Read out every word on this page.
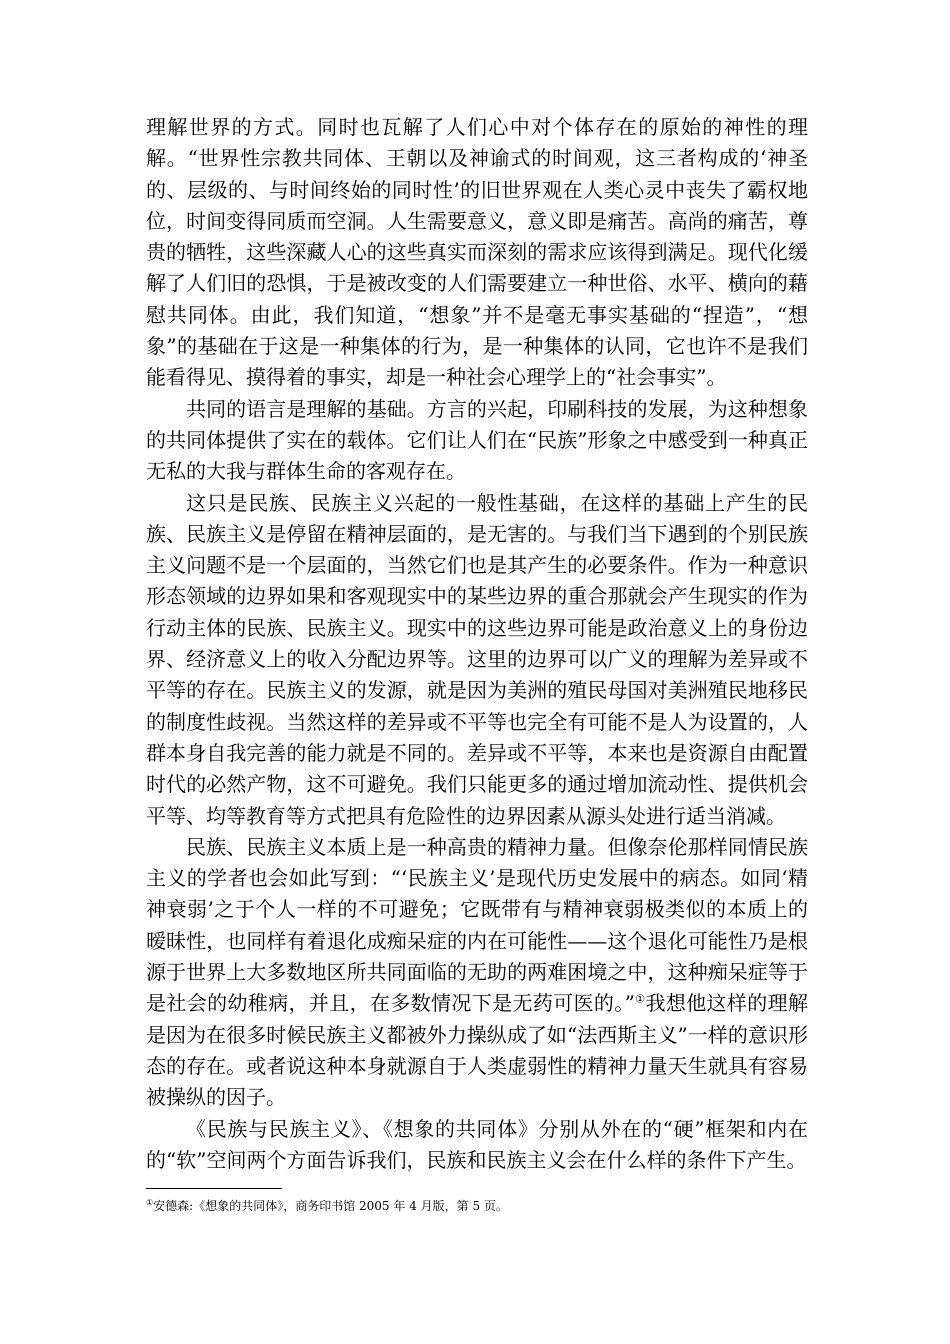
理解世界的方式。同时也瓦解了人们心中对个体存在的原始的神性的理解。“世界性宗教共同体、王朝以及神谕式的时间观，这三者构成的‘神圣的、层级的、与时间终始的同时性’的旧世界观在人类心灵中丧失了霸权地位，时间变得同质而空洞。人生需要意义，意义即是痛苦。高尚的痛苦，尊贵的牺牲，这些深藏人心的这些真实而深刻的需求应该得到满足。现代化缓解了人们旧的恐惧，于是被改变的人们需要建立一种世俗、水平、横向的藉慰共同体。由此，我们知道，“想象”并不是毫无事实基础的“捏造”，“想象”的基础在于这是一种集体的行为，是一种集体的认同，它也许不是我们能看得见、摸得着的事实，却是一种社会心理学上的“社会事实”。

共同的语言是理解的基础。方言的兴起，印刷科技的发展，为这种想象的共同体提供了实在的载体。它们让人们在“民族”形象之中感受到一种真正无私的大我与群体生命的客观存在。

这只是民族、民族主义兴起的一般性基础，在这样的基础上产生的民族、民族主义是停留在精神层面的，是无害的。与我们当下遇到的个别民族主义问题不是一个层面的，当然它们也是其产生的必要条件。作为一种意识形态领域的边界如果和客观现实中的某些边界的重合那就会产生现实的作为行动主体的民族、民族主义。现实中的这些边界可能是政治意义上的身份边界、经济意义上的收入分配边界等。这里的边界可以广义的理解为差异或不平等的存在。民族主义的发源，就是因为美洲的殖民母国对美洲殖民地移民的制度性歧视。当然这样的差异或不平等也完全有可能不是人为设置的，人群本身自我完善的能力就是不同的。差异或不平等，本来也是资源自由配置时代的必然产物，这不可避免。我们只能更多的通过增加流动性、提供机会平等、均等教育等方式把具有危险性的边界因素从源头处进行适当消减。

民族、民族主义本质上是一种高贵的精神力量。但像奈伦那样同情民族主义的学者也会如此写到：“‘民族主义’是现代历史发展中的病态。如同‘精神衰弱’之于个人一样的不可避免；它既带有与精神衰弱极类似的本质上的暧昧性，也同样有着退化成痴呆症的内在可能性——这个退化可能性乃是根源于世界上大多数地区所共同面临的无助的两难困境之中，这种痴呆症等于是社会的幼稚病，并且，在多数情况下是无药可医的。”①我想他这样的理解是因为在很多时候民族主义都被外力操纵成了如“法西斯主义”一样的意识形态的存在。或者说这种本身就源自于人类虚弱性的精神力量天生就具有容易被操纵的因子。

《民族与民族主义》、《想象的共同体》分别从外在的“硬”框架和内在的“软”空间两个方面告诉我们，民族和民族主义会在什么样的条件下产生。

①安德森:《想象的共同体》，商务印书馆 2005 年 4 月版，第 5 页。
